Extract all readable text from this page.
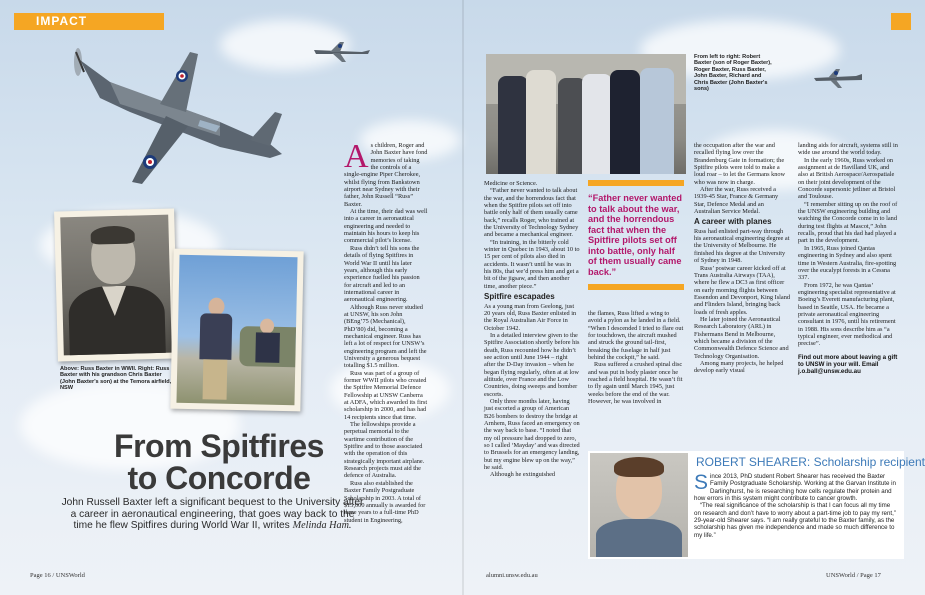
IMPACT
Above: Russ Baxter in WWII. Right: Russ Baxter with his grandson Chris Baxter (John Baxter's son) at the Temora airfield, NSW
From Spitfires
to Concorde
John Russell Baxter left a significant bequest to the University after a career in aeronautical engineering, that goes way back to the time he flew Spitfires during World War II, writes Melinda Ham.
A s children, Roger and John Baxter have fond memories of taking the controls of a single-engine Piper Cherokee, whilst flying from Bankstown airport near Sydney with their father, John Russell “Russ” Baxter.

At the time, their dad was well into a career in aeronautical engineering and needed to maintain his hours to keep his commercial pilot’s license.

Russ didn’t tell his sons the details of flying Spitfires in World War II until his later years, although this early experience fuelled his passion for aircraft and led to an international career in aeronautical engineering.

Although Russ never studied at UNSW, his son John (BEng’75 (Mechanical), PhD’80) did, becoming a mechanical engineer. Russ has left a lot of respect for UNSW’s engineering program and left the University a generous bequest totalling $1.5 million.

Russ was part of a group of former WWII pilots who created the Spitfire Memorial Defence Fellowship at UNSW Canberra at ADFA, which awarded its first scholarship in 2000, and has had 14 recipients since that time.

The fellowships provide a perpetual memorial to the wartime contribution of the Spitfire and to those associated with the operation of this strategically important airplane. Research projects must aid the defence of Australia.

Russ also established the Baxter Family Postgraduate Scholarship in 2003. A total of $15,000 annually is awarded for three years to a full-time PhD student in Engineering,

From left to right: Robert Baxter (son of Roger Baxter), Roger Baxter, Russ Baxter, John Baxter, Richard and Chris Baxter (John Baxter's sons)

Medicine or Science.

“Father never wanted to talk about the war, and the horrendous fact that when the Spitfire pilots set off into battle only half of them usually came back,” recalls Roger, who trained at the University of Technology Sydney and became a mechanical engineer.

“In training, in the bitterly cold winter in Quebec in 1943, about 10 to 15 per cent of pilots also died in accidents. It wasn’t until he was in his 80s, that we’d press him and get a bit of the jigsaw, and then another time, another piece.”

Spitfire escapades

As a young man from Geelong, just 20 years old, Russ Baxter enlisted in the Royal Australian Air Force in October 1942.

In a detailed interview given to the Spitfire Association shortly before his death, Russ recounted how he didn’t see action until June 1944 – right after the D-Day invasion – when he began flying regularly, often at at low altitude, over France and the Low Countries, doing sweeps and bomber escorts.

Only three months later, having just escorted a group of American B26 bombers to destroy the bridge at Arnhem, Russ faced an emergency on the way back to base. “I noted that my oil pressure had dropped to zero, so I called ‘Mayday’ and was directed to Brussels for an emergency landing, but my engine blew up on the way,” he said.

Although he extinguished

“Father never wanted to talk about the war, and the horrendous fact that when the Spitfire pilots set off into battle, only half of them usually came back.”

the flames, Russ lifted a wing to avoid a pylon as he landed in a field. “When I descended I tried to flare out for touchdown, the aircraft mushed and struck the ground tail-first, breaking the fuselage in half just behind the cockpit,” he said.

Russ suffered a crushed spinal disc and was put in body plaster once he reached a field hospital. He wasn’t fit to fly again until March 1945, just weeks before the end of the war. However, he was involved in

the occupation after the war and recalled flying low over the Brandenburg Gate in formation; the Spitfire pilots were told to make a loud roar – to let the Germans know who was now in charge.

After the war, Russ received a 1939-45 Star, France & Germany Star, Defence Medal and an Australian Service Medal.

A career with planes

Russ had enlisted part-way through his aeronautical engineering degree at the University of Melbourne. He finished his degree at the University of Sydney in 1948.

Russ’ postwar career kicked off at Trans Australia Airways (TAA), where he flew a DC3 as first officer on early morning flights between Essendon and Devonport, King Island and Flinders Island, bringing back loads of fresh apples.

He later joined the Aeronautical Research Laboratory (ARL) in Fishermans Bend in Melbourne, which became a division of the Commonwealth Defence Science and Technology Organisation.

Among many projects, he helped develop early visual

landing aids for aircraft, systems still in wide use around the world today.

In the early 1960s, Russ worked on assignment at de Havilland UK, and also at British Aerospace/Aerospatiale on their joint development of the Concorde supersonic jetliner at Bristol and Toulouse.

“I remember sitting up on the roof of the UNSW engineering building and watching the Concorde come in to land during test flights at Mascot,” John recalls, proud that his dad had played a part in the development.

In 1965, Russ joined Qantas engineering in Sydney and also spent time in Western Australia, fire-spotting over the eucalypt forests in a Cessna 337.

From 1972, he was Qantas’ engineering specialist representative at Boeing’s Everett manufacturing plant, based in Seattle, USA. He became a private aeronautical engineering consultant in 1976, until his retirement in 1988. His sons describe him as “a typical engineer, ever methodical and precise”.

Find out more about leaving a gift to UNSW in your will. Email j.o.ball@unsw.edu.au
ROBERT SHEARER: Scholarship recipient
S ince 2013, PhD student Robert Shearer has received the Baxter Family Postgraduate Scholarship. Working at the Garvan Institute in Darlinghurst, he is researching how cells regulate their protein and how errors in this system might contribute to cancer growth.

“The real significance of the scholarship is that I can focus all my time on research and don’t have to worry about a part-time job to pay my rent,” 29-year-old Shearer says. “I am really grateful to the Baxter family, as the scholarship has given me independence and made so much difference to my life.”

Page 16 / UNSWorld	alumni.unsw.edu.au	UNSWorld / Page 17
